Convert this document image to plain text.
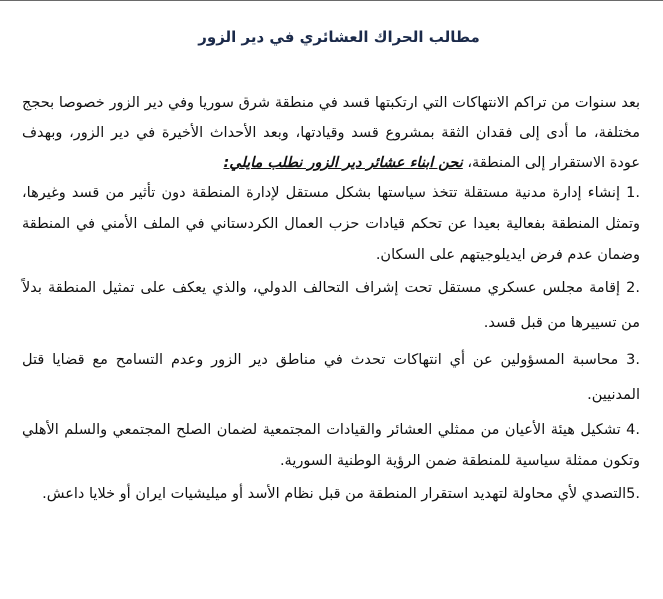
مطالب الحراك العشائري في دير الزور

بعد سنوات من تراكم الانتهاكات التي ارتكبتها قسد في منطقة شرق سوريا وفي دير الزور خصوصا بحجج مختلفة، ما أدى إلى فقدان الثقة بمشروع قسد وقيادتها، وبعد الأحداث الأخيرة في دير الزور، وبهدف عودة الاستقرار إلى المنطقة، نحن ابناء عشائر دير الزور نطلب مايلي:

1. إنشاء إدارة مدنية مستقلة تتخذ سياستها بشكل مستقل لإدارة المنطقة دون تأثير من قسد وغيرها، وتمثل المنطقة بفعالية بعيدا عن تحكم قيادات حزب العمال الكردستاني في الملف الأمني في المنطقة وضمان عدم فرض ايديلوجيتهم على السكان.

2. إقامة مجلس عسكري مستقل تحت إشراف التحالف الدولي، والذي يعكف على تمثيل المنطقة بدلاً من تسييرها من قبل قسد.

3. محاسبة المسؤولين عن أي انتهاكات تحدث في مناطق دير الزور وعدم التسامح مع قضايا قتل المدنيين.

4. تشكيل هيئة الأعيان من ممثلي العشائر والقيادات المجتمعية لضمان الصلح المجتمعي والسلم الأهلي وتكون ممثلة سياسية للمنطقة ضمن الرؤية الوطنية السورية.

5.التصدي لأي محاولة لتهديد استقرار المنطقة من قبل نظام الأسد أو ميليشيات ايران أو خلايا داعش.
